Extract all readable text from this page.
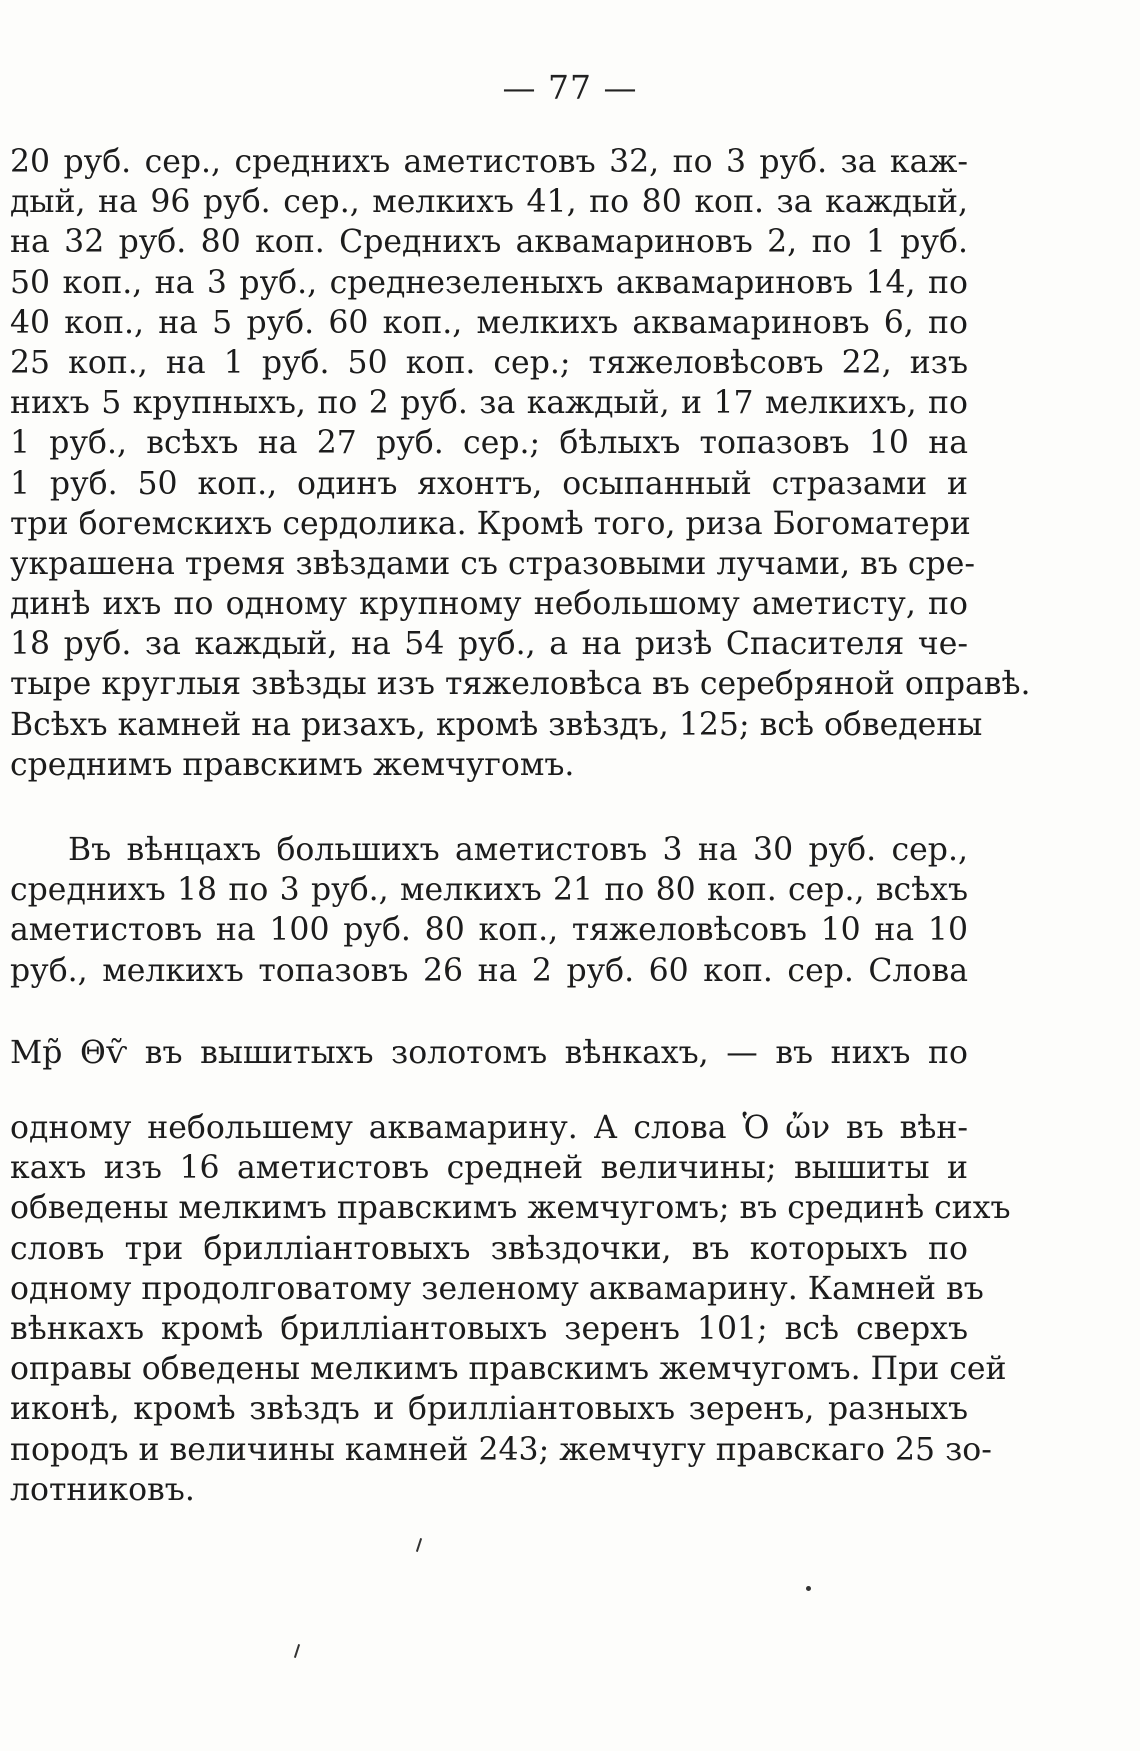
— 77 —
20 руб. сер., среднихъ аметистовъ 32, по 3 руб. за каж-
дый, на 96 руб. сер., мелкихъ 41, по 80 коп. за каждый,
на 32 руб. 80 коп. Среднихъ аквамариновъ 2, по 1 руб.
50 коп., на 3 руб., среднезеленыхъ аквамариновъ 14, по
40 коп., на 5 руб. 60 коп., мелкихъ аквамариновъ 6, по
25 коп., на 1 руб. 50 коп. сер.; тяжеловѣсовъ 22, изъ
нихъ 5 крупныхъ, по 2 руб. за каждый, и 17 мелкихъ, по
1 руб., всѣхъ на 27 руб. сер.; бѣлыхъ топазовъ 10 на
1 руб. 50 коп., одинъ яхонтъ, осыпанный стразами и
три богемскихъ сердолика. Кромѣ того, риза Богоматери
украшена тремя звѣздами съ стразовыми лучами, въ сре-
динѣ ихъ по одному крупному небольшому аметисту, по
18 руб. за каждый, на 54 руб., а на ризѣ Спасителя че-
тыре круглыя звѣзды изъ тяжеловѣса въ серебряной оправѣ.
Всѣхъ камней на ризахъ, кромѣ звѣздъ, 125; всѣ обведены
среднимъ правскимъ жемчугомъ.
Въ вѣнцахъ большихъ аметистовъ 3 на 30 руб. сер.,
среднихъ 18 по 3 руб., мелкихъ 21 по 80 коп. сер., всѣхъ
аметистовъ на 100 руб. 80 коп., тяжеловѣсовъ 10 на 10
руб., мелкихъ топазовъ 26 на 2 руб. 60 коп. сер. Слова
Мр̃ Θѵ̃ въ вышитыхъ золотомъ вѣнкахъ, — въ нихъ по
одному небольшему аквамарину. А слова Ὁ ὤν въ вѣн-
кахъ изъ 16 аметистовъ средней величины; вышиты и
обведены мелкимъ правскимъ жемчугомъ; въ срединѣ сихъ
словъ три бриллiантовыхъ звѣздочки, въ которыхъ по
одному продолговатому зеленому аквамарину. Камней въ
вѣнкахъ кромѣ бриллiантовыхъ зеренъ 101; всѣ сверхъ
оправы обведены мелкимъ правскимъ жемчугомъ. При сей
иконѣ, кромѣ звѣздъ и бриллiантовыхъ зеренъ, разныхъ
породъ и величины камней 243; жемчугу правскаго 25 зо-
лотниковъ.
